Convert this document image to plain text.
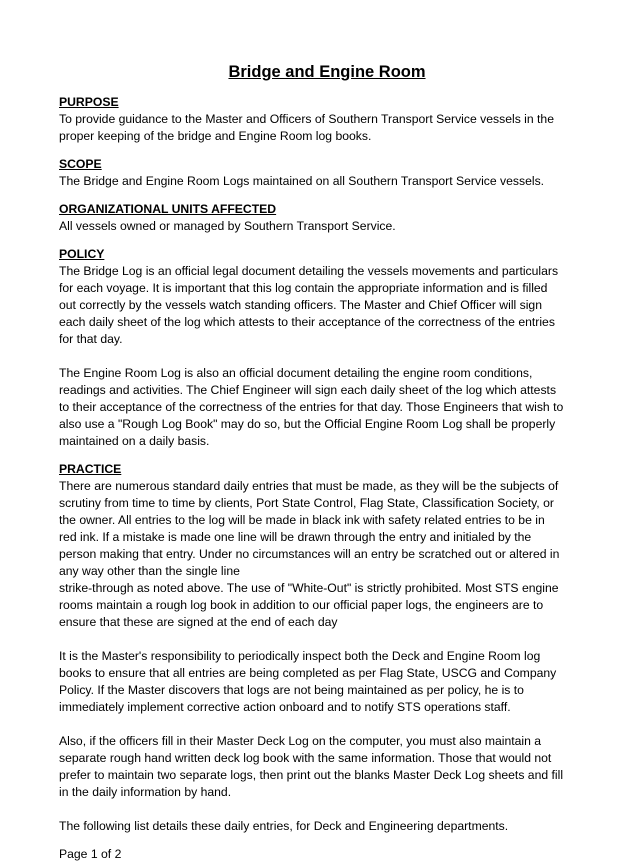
Bridge and Engine Room
PURPOSE
To provide guidance to the Master and Officers of Southern Transport Service vessels in the
proper keeping of the bridge and Engine Room log books.
SCOPE
The Bridge and Engine Room Logs maintained on all Southern Transport Service vessels.
ORGANIZATIONAL UNITS AFFECTED
All vessels owned or managed by Southern Transport Service.
POLICY
The Bridge Log is an official legal document detailing the vessels movements and particulars
for each voyage. It is important that this log contain the appropriate information and is filled
out correctly by the vessels watch standing officers. The Master and Chief Officer will sign
each daily sheet of the log which attests to their acceptance of the correctness of the entries
for that day.
The Engine Room Log is also an official document detailing the engine room conditions,
readings and activities. The Chief Engineer will sign each daily sheet of the log which attests
to their acceptance of the correctness of the entries for that day. Those Engineers that wish to
also use a "Rough Log Book" may do so, but the Official Engine Room Log shall be properly
maintained on a daily basis.
PRACTICE
There are numerous standard daily entries that must be made, as they will be the subjects of
scrutiny from time to time by clients, Port State Control, Flag State, Classification Society, or
the owner. All entries to the log will be made in black ink with safety related entries to be in
red ink. If a mistake is made one line will be drawn through the entry and initialed by the
person making that entry. Under no circumstances will an entry be scratched out or altered in
any way other than the single line
strike-through as noted above. The use of "White-Out" is strictly prohibited. Most STS engine
rooms maintain a rough log book in addition to our official paper logs, the engineers are to
ensure that these are signed at the end of each day
It is the Master's responsibility to periodically inspect both the Deck and Engine Room log
books to ensure that all entries are being completed as per Flag State, USCG and Company
Policy. If the Master discovers that logs are not being maintained as per policy, he is to
immediately implement corrective action onboard and to notify STS operations staff.
Also, if the officers fill in their Master Deck Log on the computer, you must also maintain a
separate rough hand written deck log book with the same information. Those that would not
prefer to maintain two separate logs, then print out the blanks Master Deck Log sheets and fill
in the daily information by hand.
The following list details these daily entries, for Deck and Engineering departments.
Page 1 of 2
